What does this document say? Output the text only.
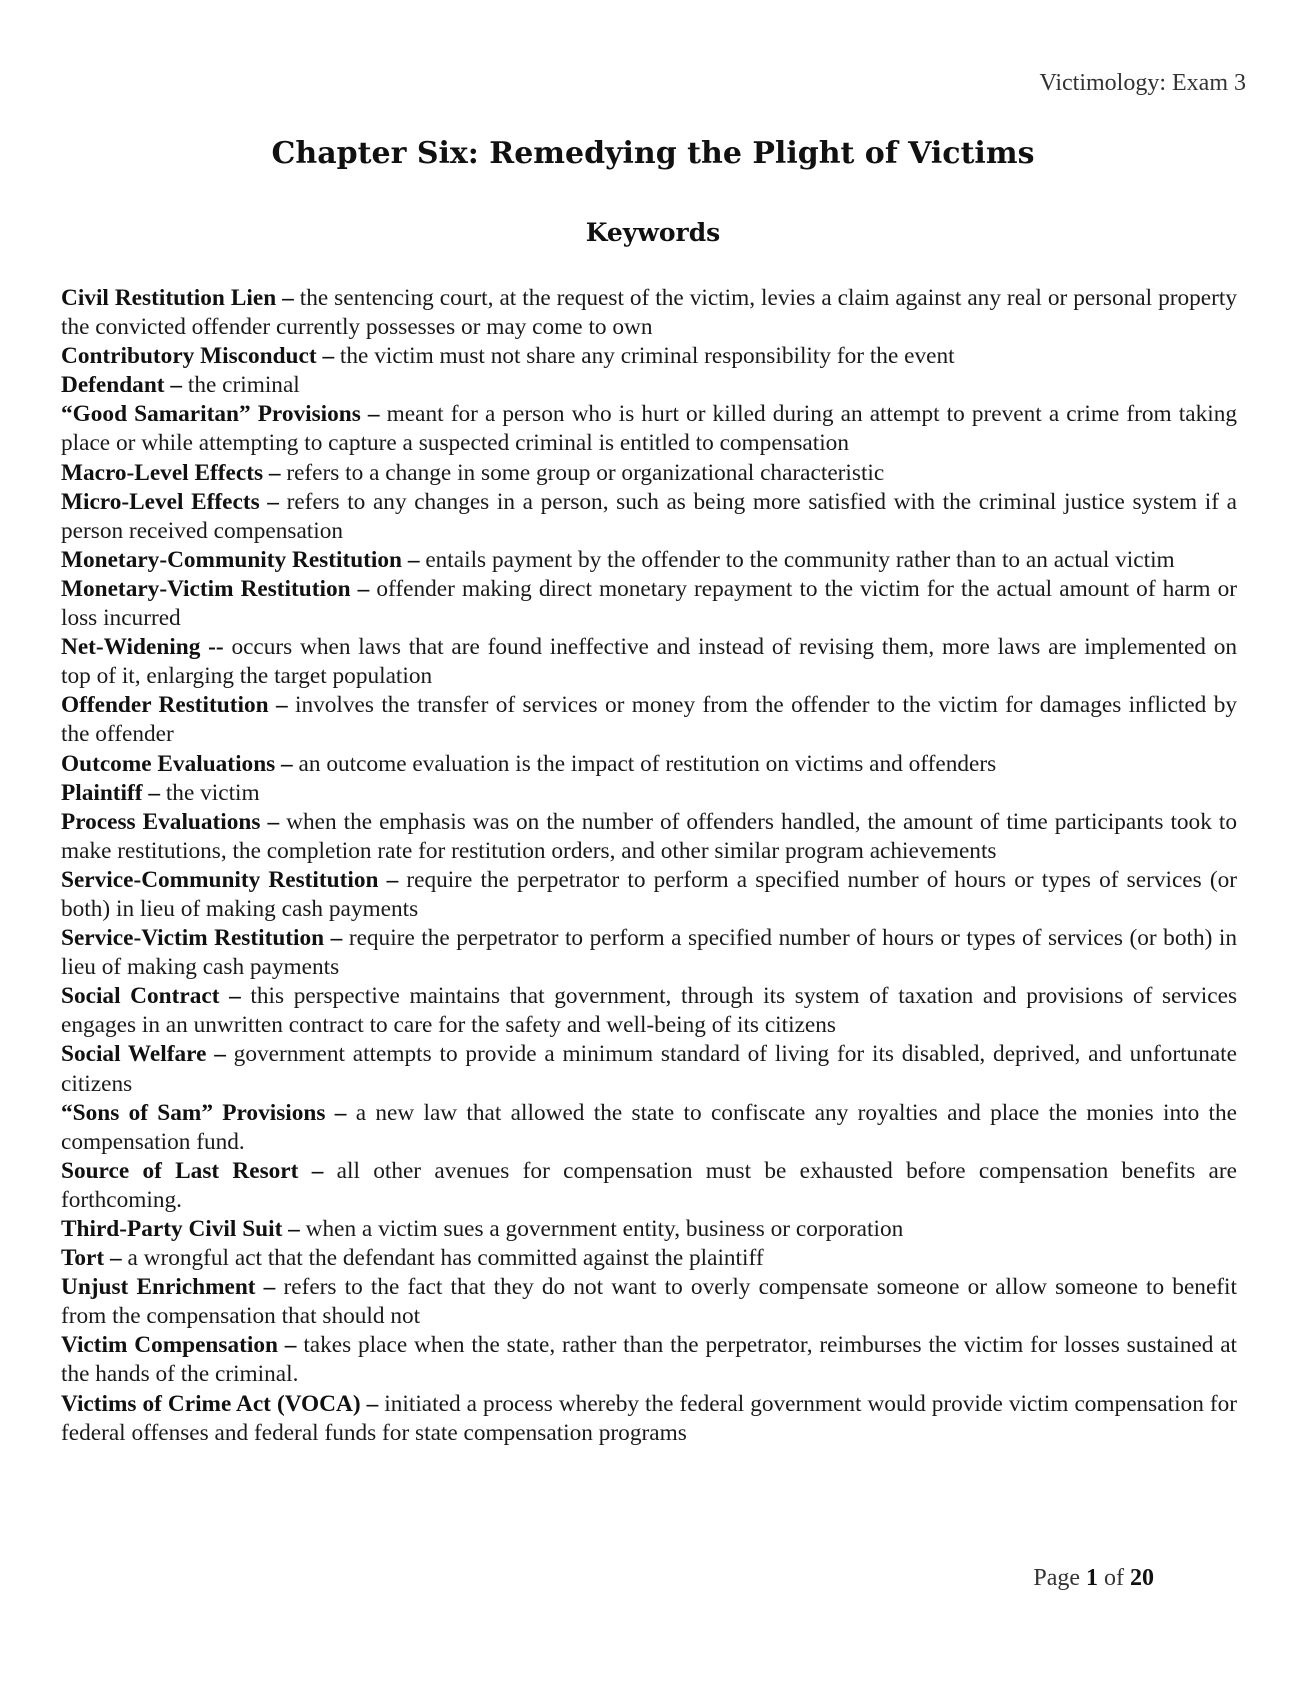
Victimology: Exam 3
Chapter Six: Remedying the Plight of Victims
Keywords

Civil Restitution Lien – the sentencing court, at the request of the victim, levies a claim against any real or personal property the convicted offender currently possesses or may come to own

Contributory Misconduct – the victim must not share any criminal responsibility for the event

Defendant – the criminal

“Good Samaritan” Provisions – meant for a person who is hurt or killed during an attempt to prevent a crime from taking place or while attempting to capture a suspected criminal is entitled to compensation

Macro-Level Effects – refers to a change in some group or organizational characteristic

Micro-Level Effects – refers to any changes in a person, such as being more satisfied with the criminal justice system if a person received compensation

Monetary-Community Restitution – entails payment by the offender to the community rather than to an actual victim

Monetary-Victim Restitution – offender making direct monetary repayment to the victim for the actual amount of harm or loss incurred

Net-Widening -- occurs when laws that are found ineffective and instead of revising them, more laws are implemented on top of it, enlarging the target population

Offender Restitution – involves the transfer of services or money from the offender to the victim for damages inflicted by the offender

Outcome Evaluations – an outcome evaluation is the impact of restitution on victims and offenders

Plaintiff – the victim

Process Evaluations – when the emphasis was on the number of offenders handled, the amount of time participants took to make restitutions, the completion rate for restitution orders, and other similar program achievements

Service-Community Restitution – require the perpetrator to perform a specified number of hours or types of services (or both) in lieu of making cash payments

Service-Victim Restitution – require the perpetrator to perform a specified number of hours or types of services (or both) in lieu of making cash payments

Social Contract – this perspective maintains that government, through its system of taxation and provisions of services engages in an unwritten contract to care for the safety and well-being of its citizens

Social Welfare – government attempts to provide a minimum standard of living for its disabled, deprived, and unfortunate citizens

“Sons of Sam” Provisions – a new law that allowed the state to confiscate any royalties and place the monies into the compensation fund.

Source of Last Resort – all other avenues for compensation must be exhausted before compensation benefits are forthcoming.

Third-Party Civil Suit – when a victim sues a government entity, business or corporation

Tort – a wrongful act that the defendant has committed against the plaintiff

Unjust Enrichment – refers to the fact that they do not want to overly compensate someone or allow someone to benefit from the compensation that should not

Victim Compensation – takes place when the state, rather than the perpetrator, reimburses the victim for losses sustained at the hands of the criminal.

Victims of Crime Act (VOCA) – initiated a process whereby the federal government would provide victim compensation for federal offenses and federal funds for state compensation programs

Page 1 of 20
